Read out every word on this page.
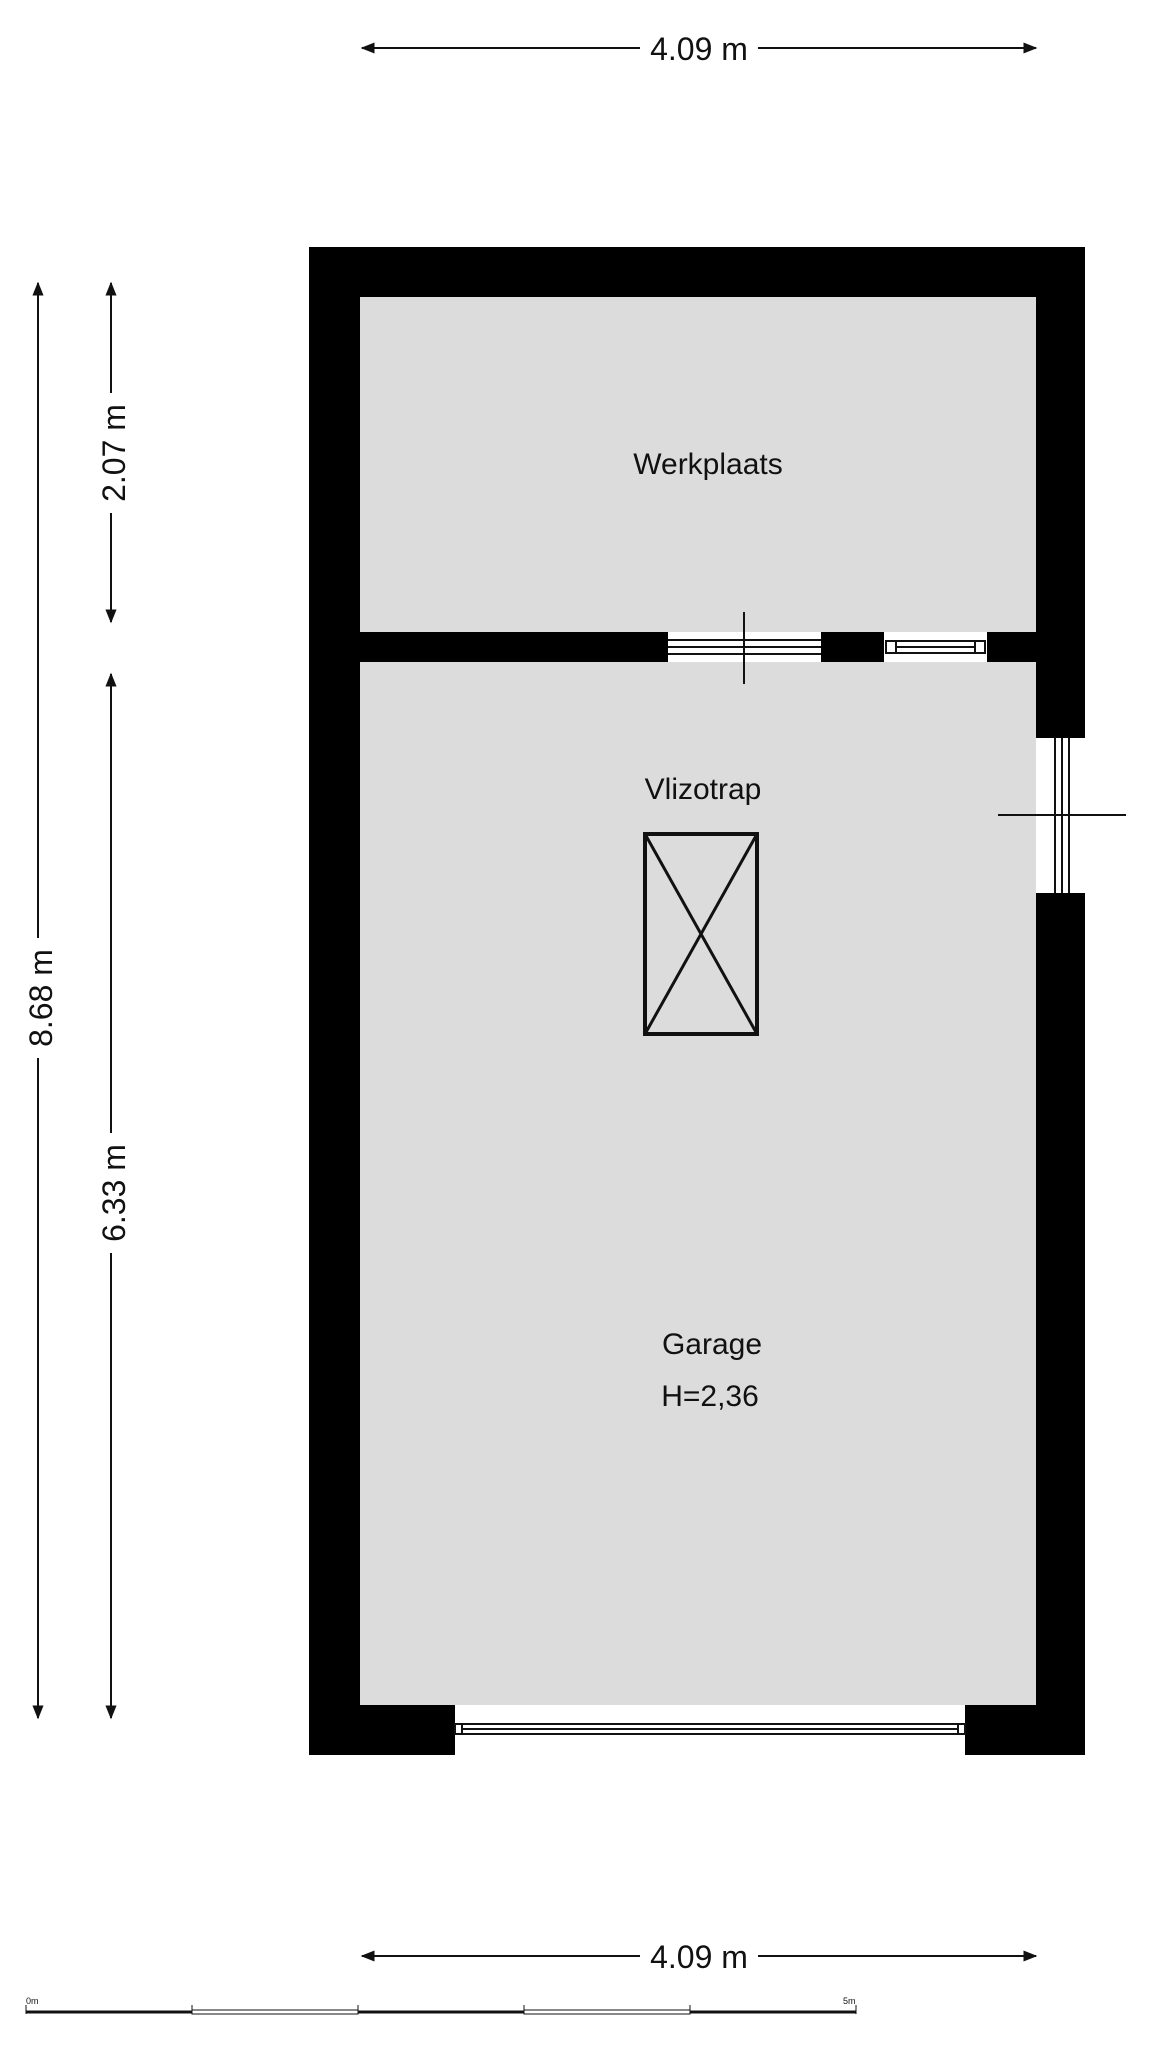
Werkplaats
Vlizotrap
Garage
H=2,36
4.09 m
4.09 m
8.68 m
2.07 m
6.33 m
0m	5m
